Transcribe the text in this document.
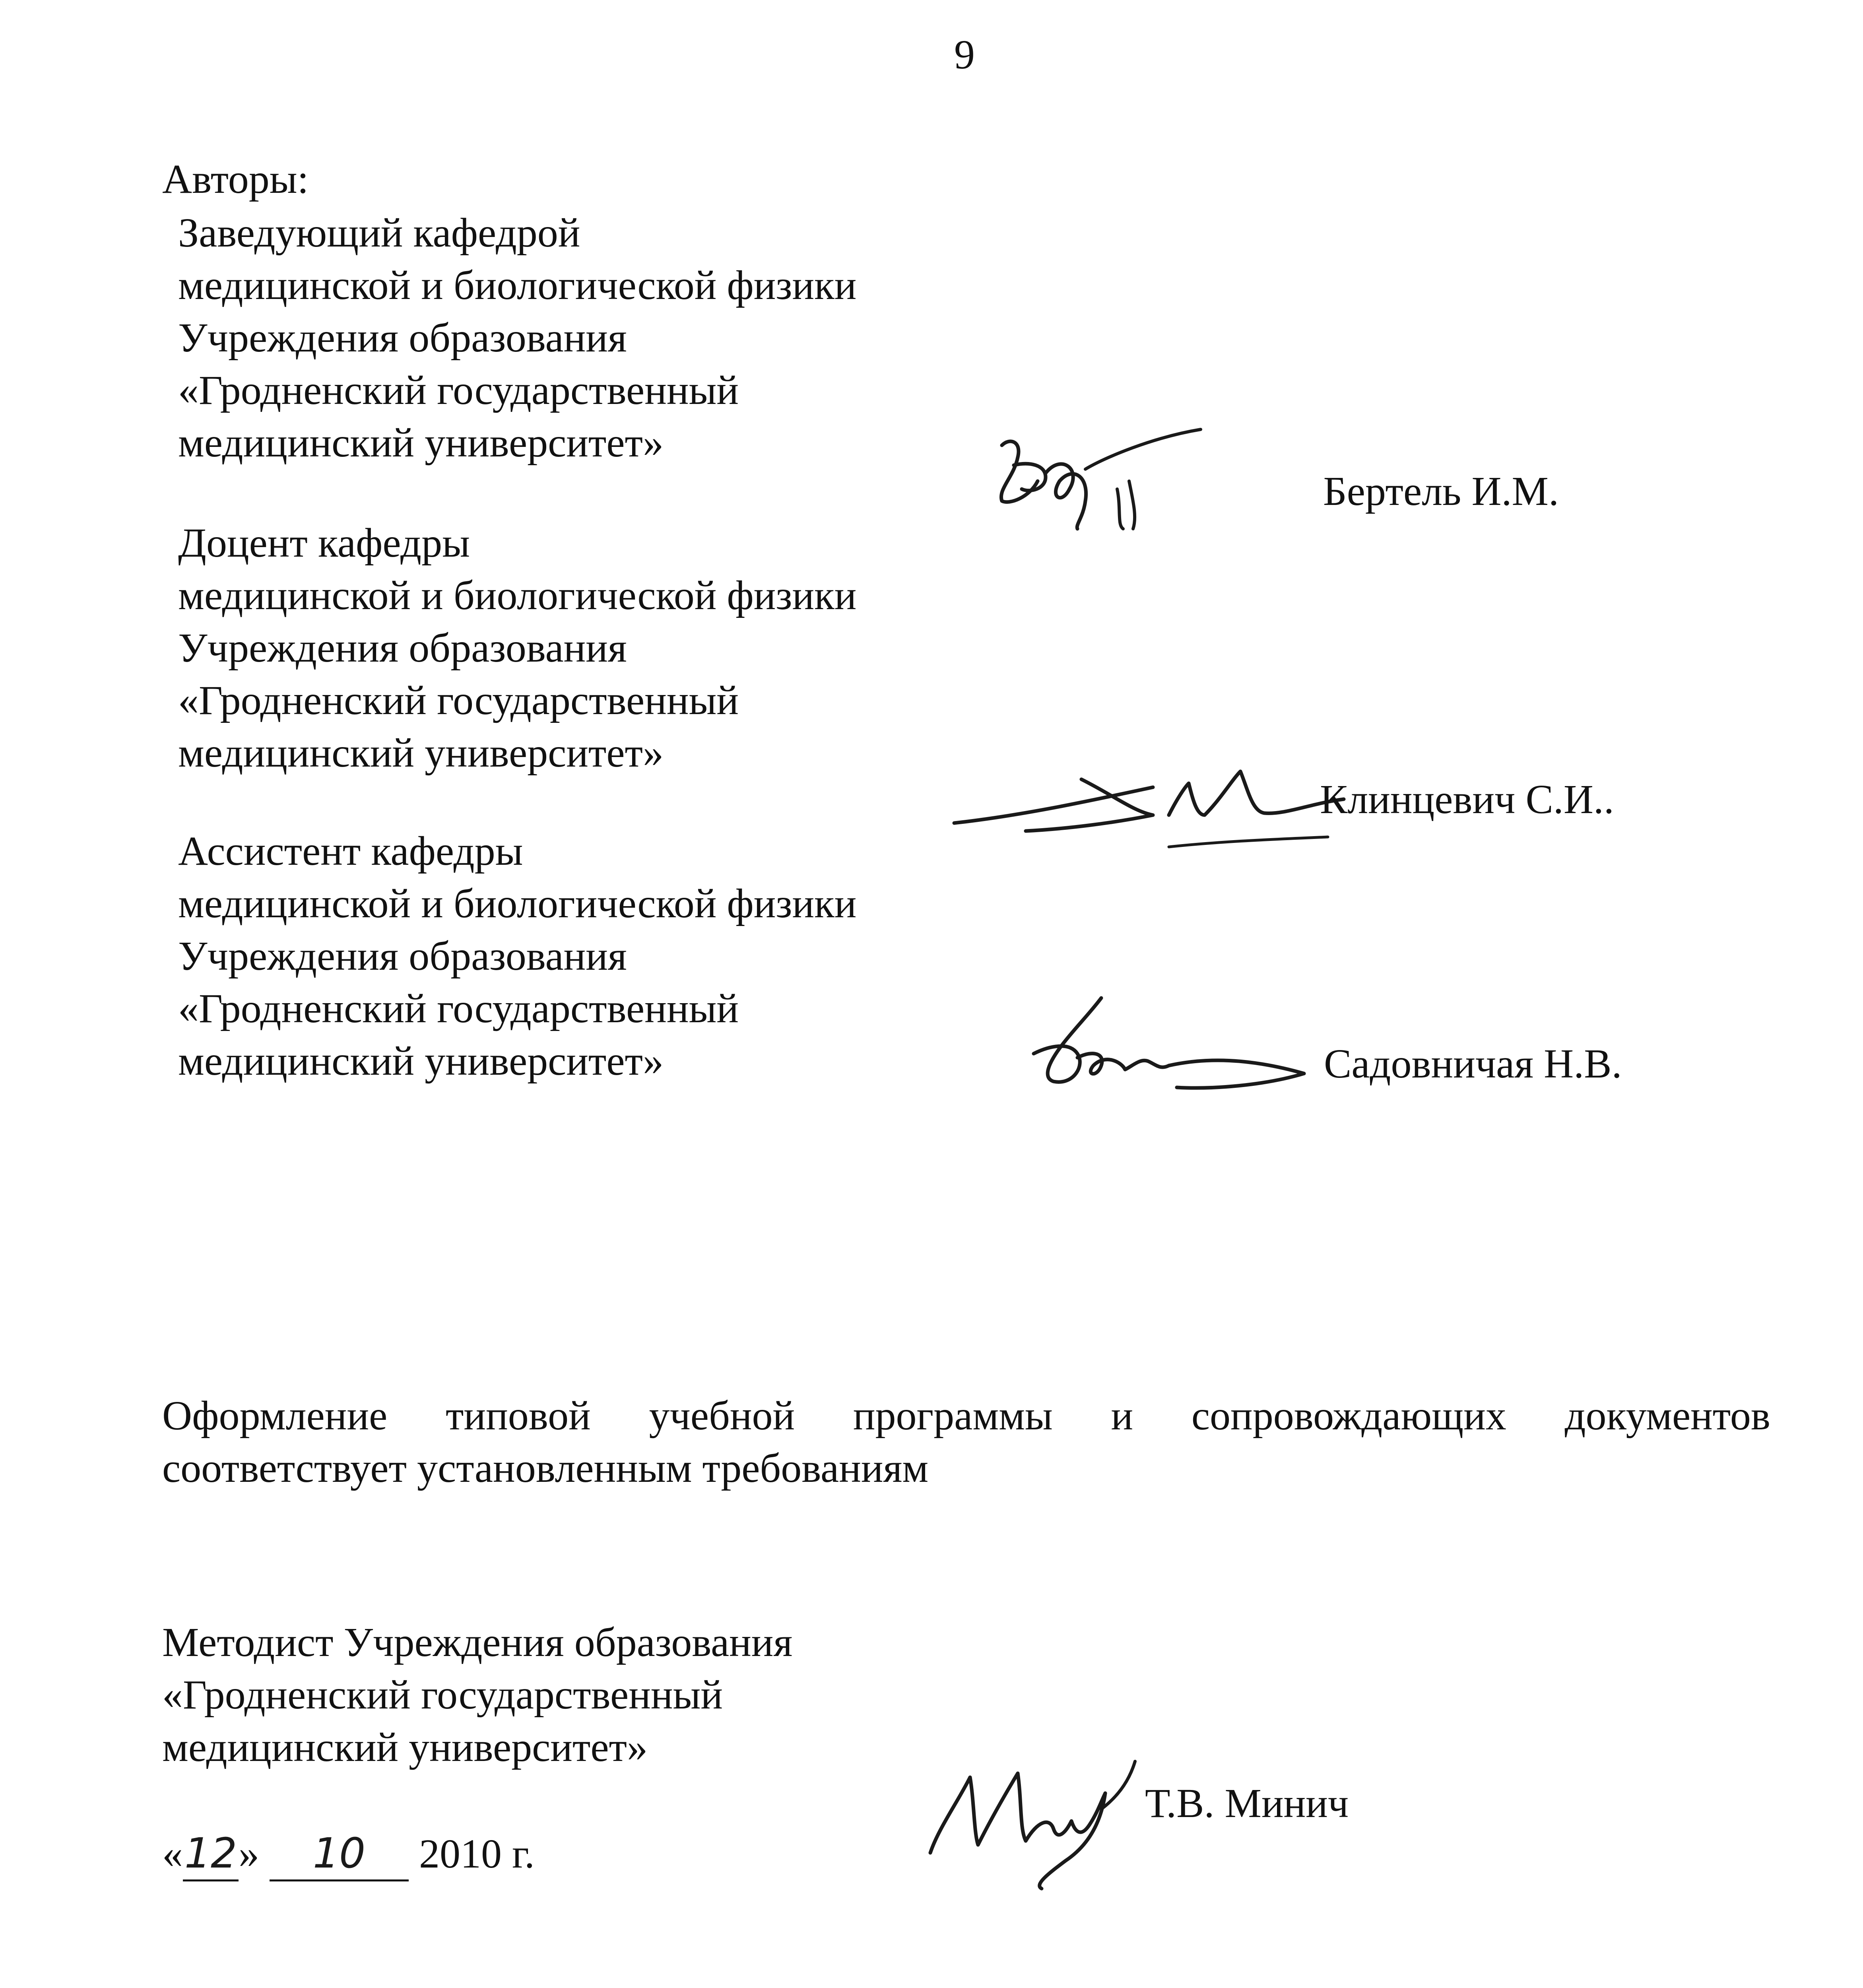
9
Авторы:
Заведующий кафедрой
медицинской и биологической физики
Учреждения образования
«Гродненский государственный
медицинский университет»
Бертель И.М.
Доцент кафедры
медицинской и биологической физики
Учреждения образования
«Гродненский государственный
медицинский университет»
Клинцевич С.И..
Ассистент кафедры
медицинской и биологической физики
Учреждения образования
«Гродненский государственный
медицинский университет»	Садовничая Н.В.
Оформление типовой учебной программы и сопровождающих документов
соответствует установленным требованиям
Методист Учреждения образования
«Гродненский государственный
медицинский университет»
«12» 10 2010 г.
Т.В. Минич
